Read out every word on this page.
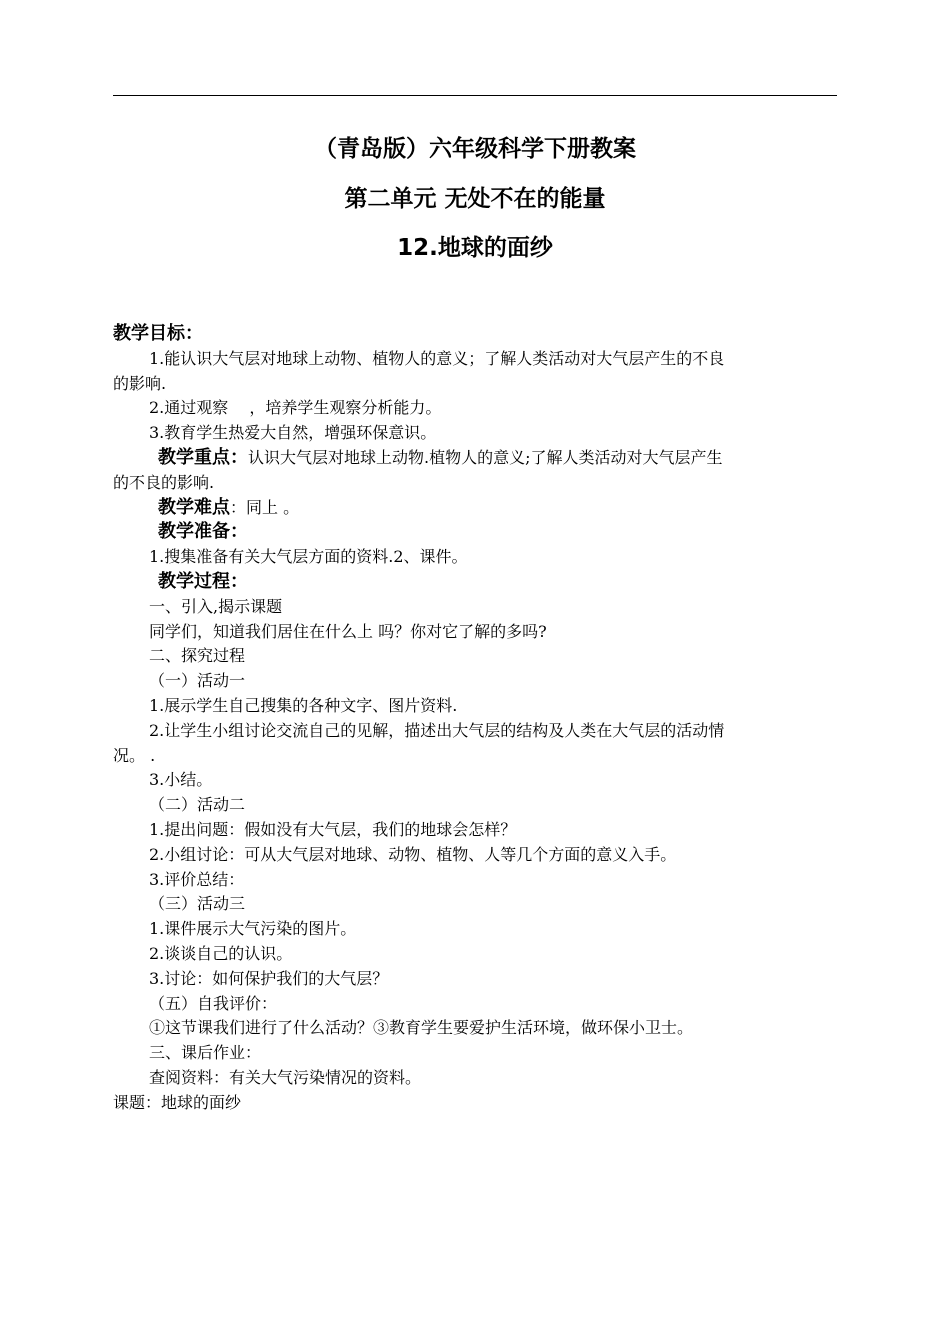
（青岛版）六年级科学下册教案
第二单元 无处不在的能量
12.地球的面纱
教学目标：
1.能认识大气层对地球上动物、植物人的意义；了解人类活动对大气层产生的不良
的影响.
2.通过观察　 ，培养学生观察分析能力。
3.教育学生热爱大自然，增强环保意识。
教学重点：认识大气层对地球上动物.植物人的意义;了解人类活动对大气层产生
的不良的影响.
教学难点：同上 。
教学准备：
1.搜集准备有关大气层方面的资料.2、课件。
教学过程：
一、引入,揭示课题
同学们，知道我们居住在什么上 吗？你对它了解的多吗?
二、探究过程
（一）活动一
1.展示学生自己搜集的各种文字、图片资料.
2.让学生小组讨论交流自己的见解，描述出大气层的结构及人类在大气层的活动情
况。 .
3.小结。
（二）活动二
1.提出问题：假如没有大气层，我们的地球会怎样？
2.小组讨论：可从大气层对地球、动物、植物、人等几个方面的意义入手。
3.评价总结：
（三）活动三
1.课件展示大气污染的图片。
2.谈谈自己的认识。
3.讨论：如何保护我们的大气层？
（五）自我评价：
①这节课我们进行了什么活动？③教育学生要爱护生活环境，做环保小卫士。
三、课后作业：
查阅资料：有关大气污染情况的资料。
课题：地球的面纱
